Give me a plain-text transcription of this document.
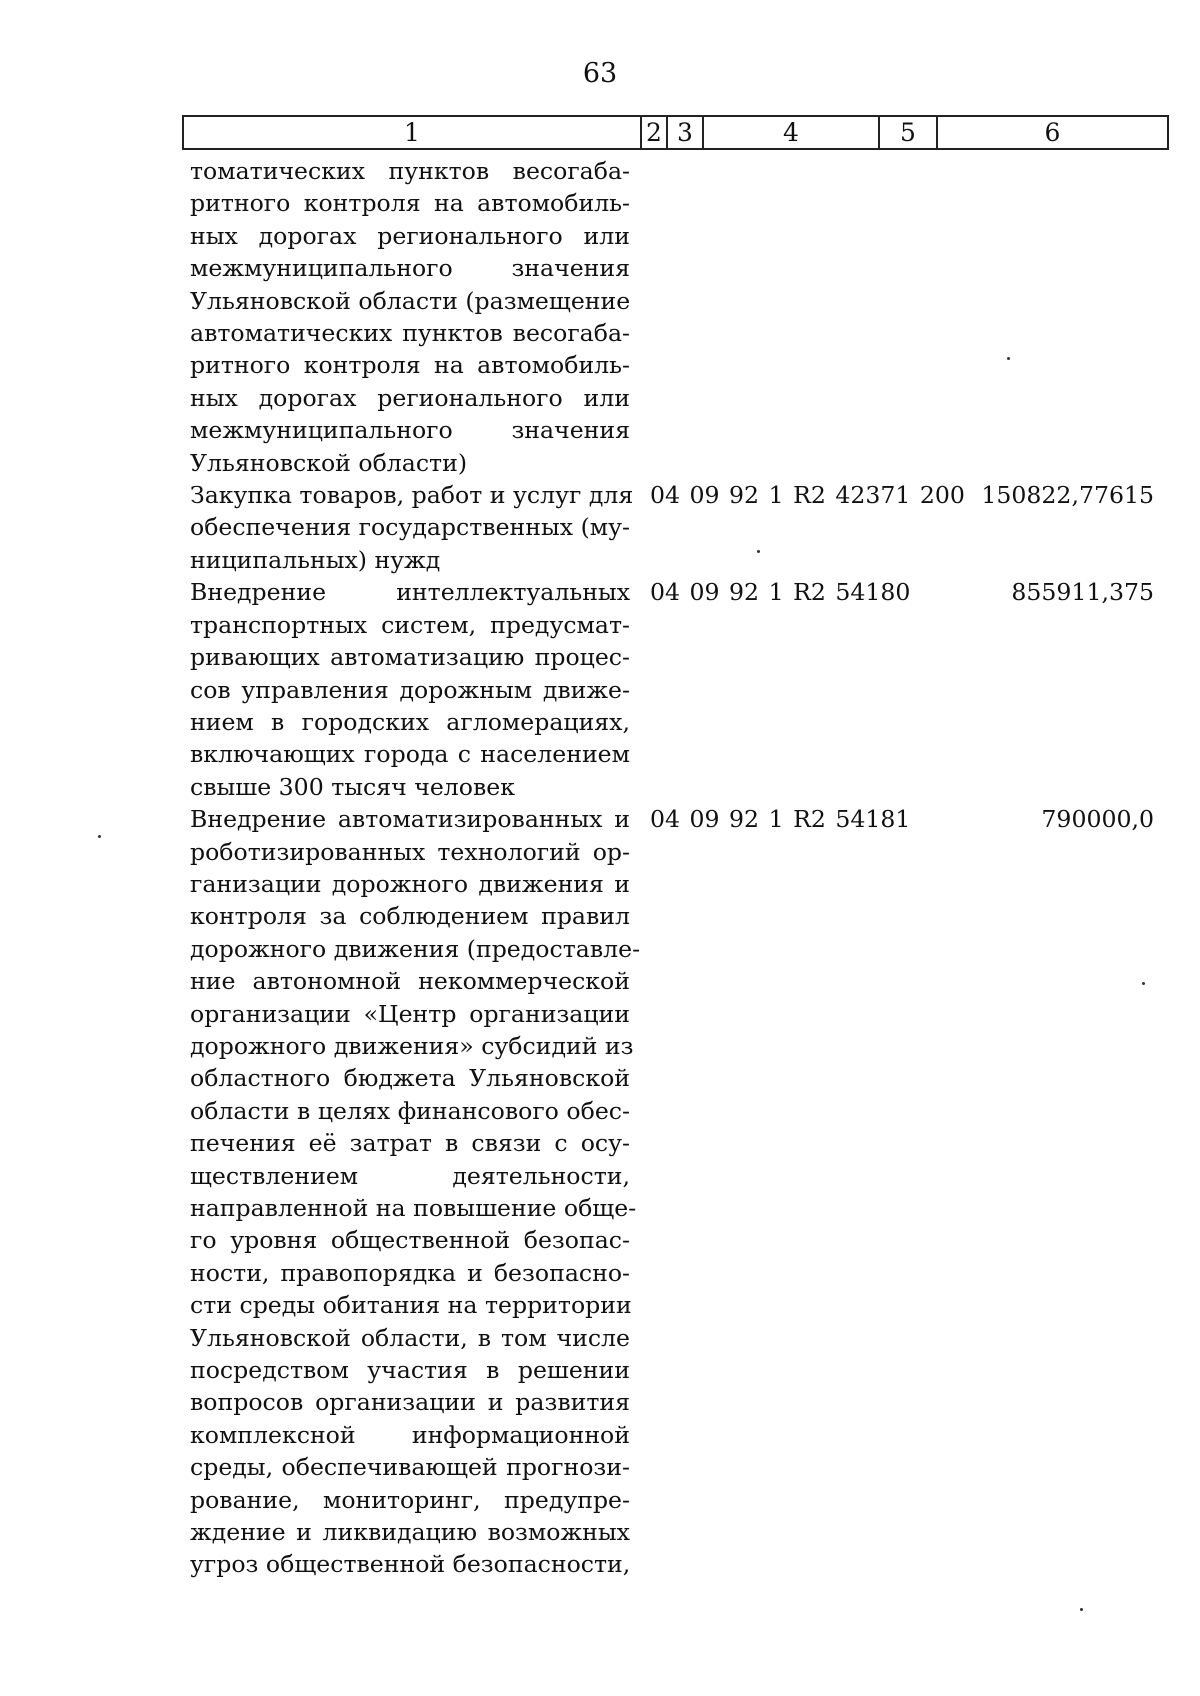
63
1	2 3	4	5	6
томатических пунктов весогаба-
ритного контроля на автомобиль-
ных дорогах регионального или
межмуниципального значения
Ульяновской области (размещение
автоматических пунктов весогаба-
ритного контроля на автомобиль-
ных дорогах регионального или
межмуниципального значения
Ульяновской области)
Закупка товаров, работ и услуг для
обеспечения государственных (му-
ниципальных) нужд
04 09 92 1 R2 42371 200 150822,77615
Внедрение интеллектуальных
транспортных систем, предусмат-
ривающих автоматизацию процес-
сов управления дорожным движе-
нием в городских агломерациях,
включающих города с населением
свыше 300 тысяч человек
04 09 92 1 R2 54180	855911,375
Внедрение автоматизированных и
роботизированных технологий ор-
ганизации дорожного движения и
контроля за соблюдением правил
дорожного движения (предоставле-
ние автономной некоммерческой
организации «Центр организации
дорожного движения» субсидий из
областного бюджета Ульяновской
области в целях финансового обес-
печения её затрат в связи с осу-
ществлением деятельности,
направленной на повышение обще-
го уровня общественной безопас-
ности, правопорядка и безопасно-
сти среды обитания на территории
Ульяновской области, в том числе
посредством участия в решении
вопросов организации и развития
комплексной информационной
среды, обеспечивающей прогнози-
рование, мониторинг, предупре-
ждение и ликвидацию возможных
угроз общественной безопасности,
04 09 92 1 R2 54181	790000,0
